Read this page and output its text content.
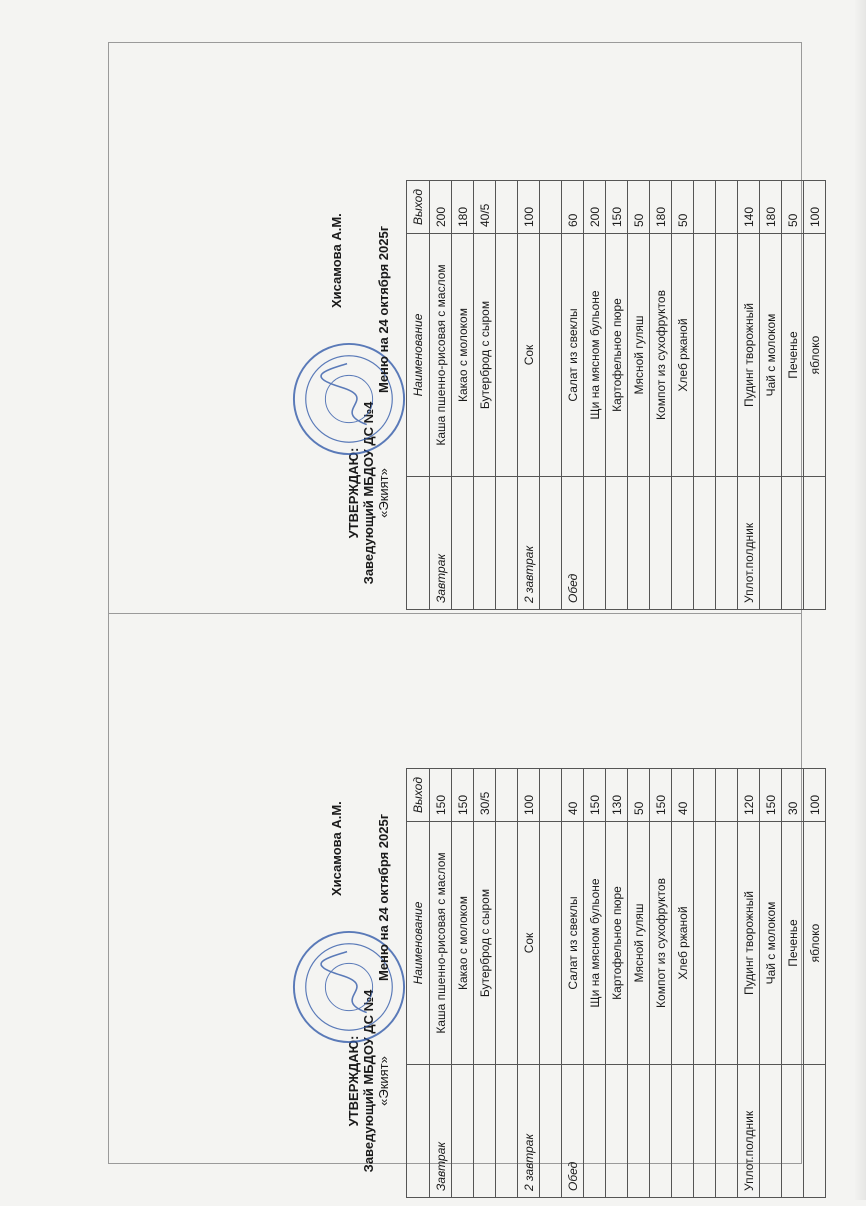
УТВЕРЖДАЮ: Заведующий МБДОУ ДС №4 «Экият»
Хисамова А.М. Меню на 24 октября 2025г
	Наименование	Выход
Завтрак	Каша пшенно-рисовая с маслом	150
	Какао с молоком	150
	Бутерброд с сыром	30/5

2 завтрак	Сок	100

Обед	Салат из свеклы	40
	Щи на мясном бульоне	150
	Картофельное пюре	130
	Мясной гуляш	50
	Компот из сухофруктов	150
	Хлеб ржаной	40

Уплот.полдник	Пудинг творожный	120
	Чай с молоком	150
	Печенье	30
	яблоко	100
УТВЕРЖДАЮ: Заведующий МБДОУ ДС №4 «Экият»
Хисамова А.М. Меню на 24 октября 2025г
	Наименование	Выход
Завтрак	Каша пшенно-рисовая с маслом	200
	Какао с молоком	180
	Бутерброд с сыром	40/5

2 завтрак	Сок	100

Обед	Салат из свеклы	60
	Щи на мясном бульоне	200
	Картофельное пюре	150
	Мясной гуляш	50
	Компот из сухофруктов	180
	Хлеб ржаной	50

Уплот.полдник	Пудинг творожный	140
	Чай с молоком	180
	Печенье	50
	яблоко	100
